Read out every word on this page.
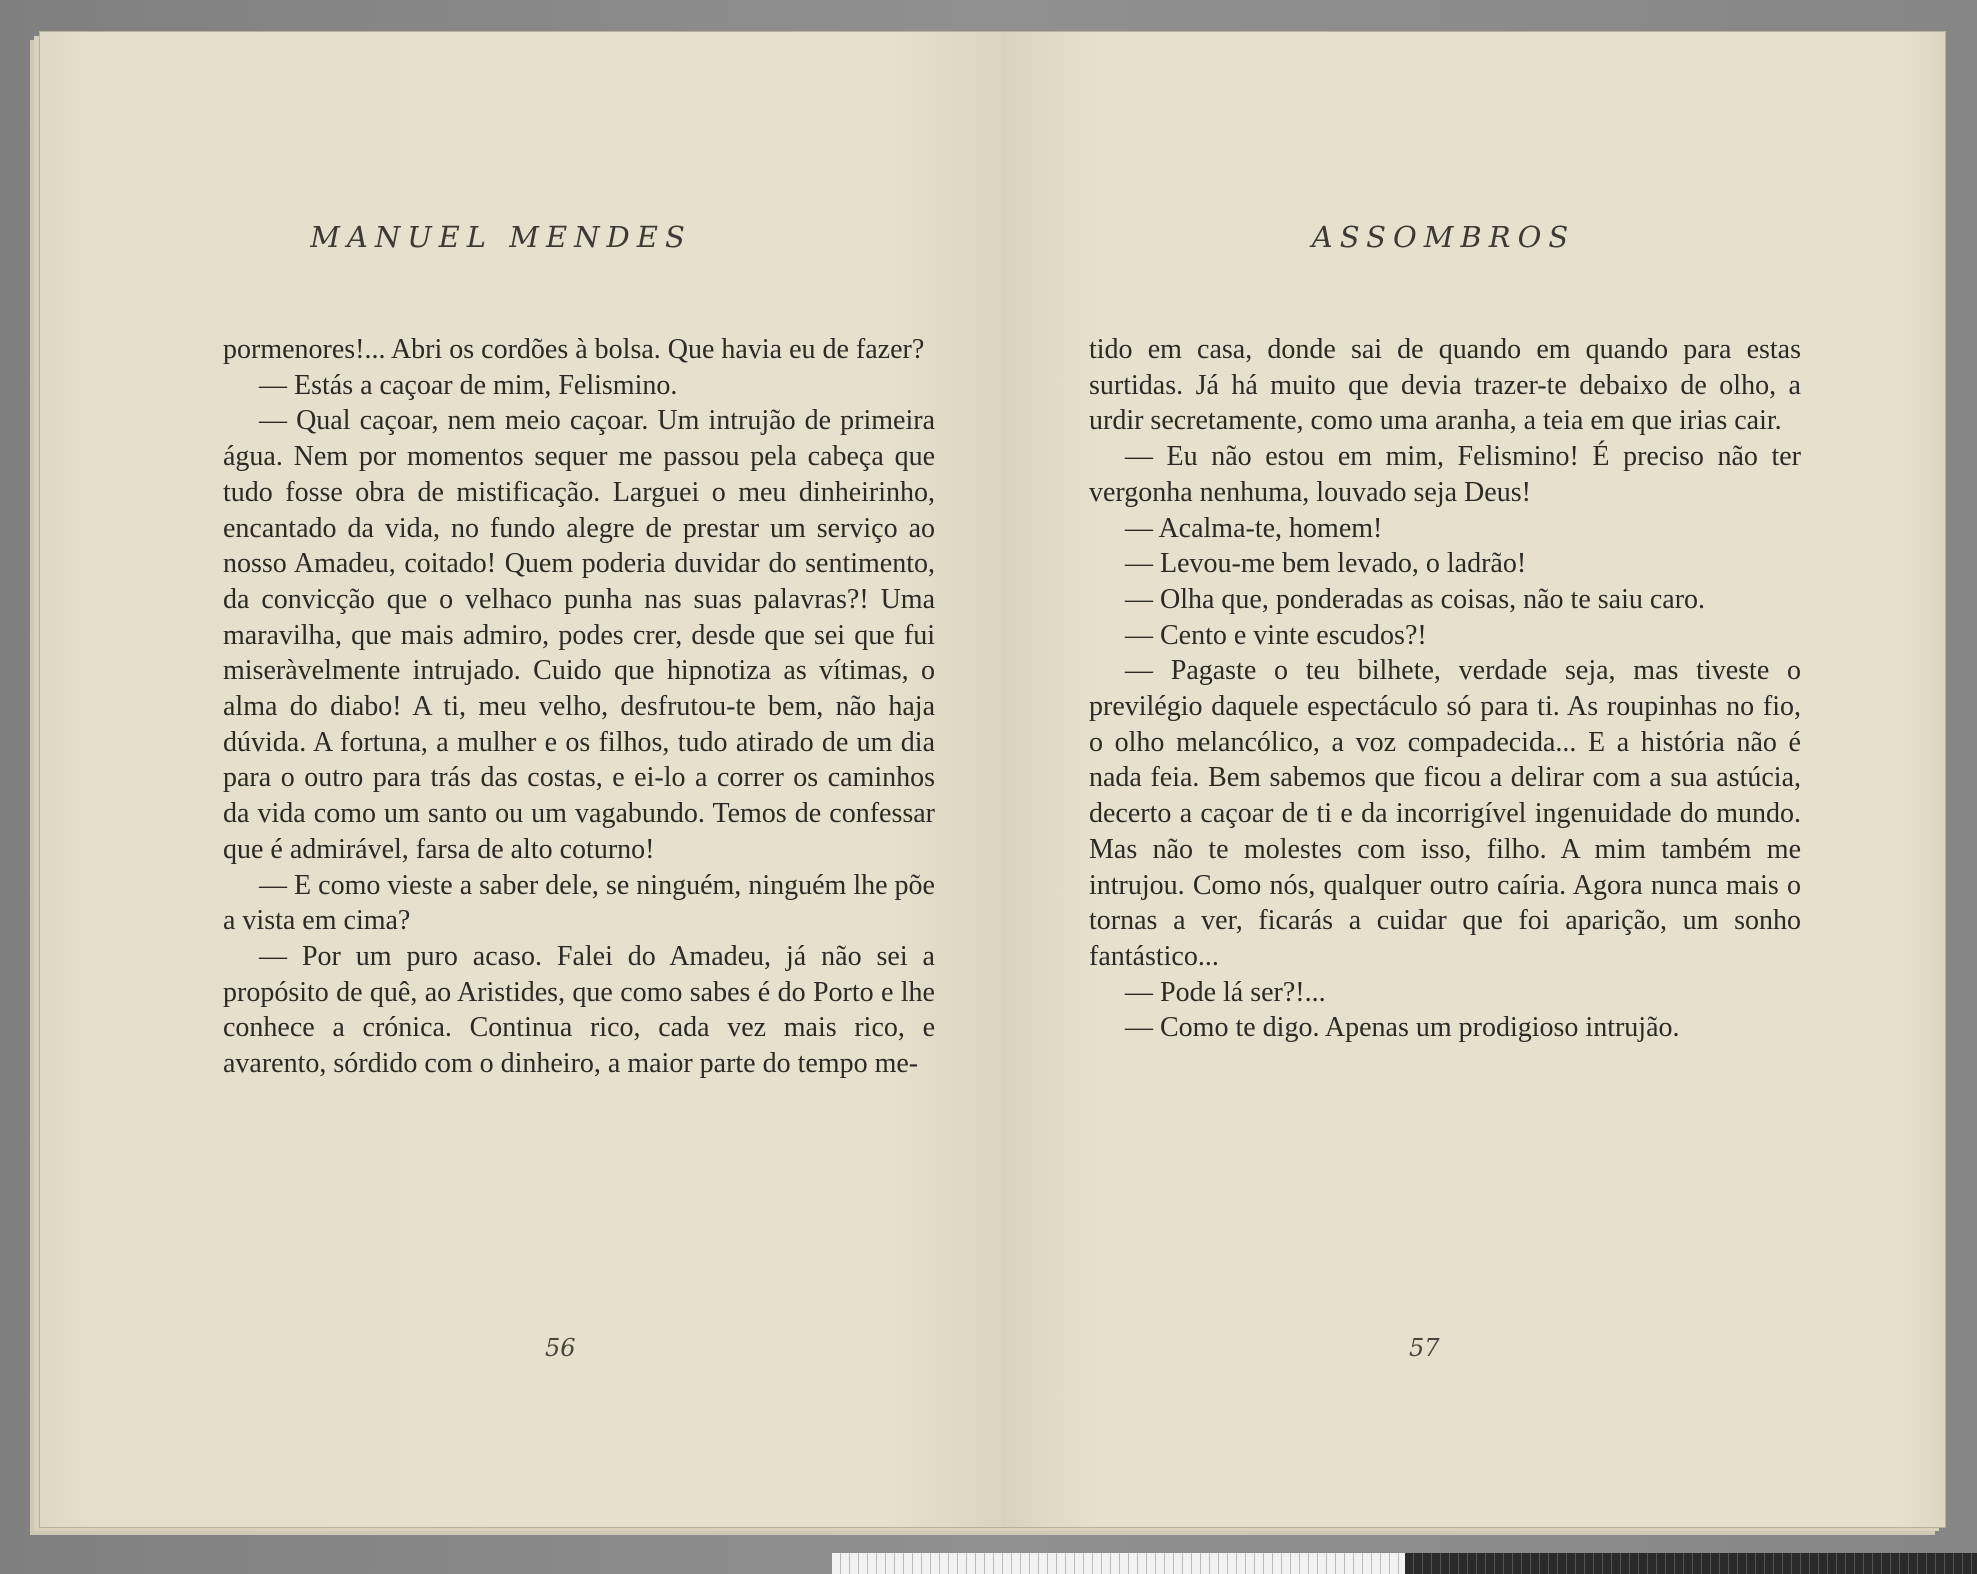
MANUEL MENDES

pormenores!... Abri os cordões à bolsa. Que havia eu de fazer?

— Estás a caçoar de mim, Felismino.

— Qual caçoar, nem meio caçoar. Um intrujão de primeira água. Nem por momentos sequer me passou pela cabeça que tudo fosse obra de mistificação. Larguei o meu dinheirinho, encantado da vida, no fundo alegre de prestar um serviço ao nosso Amadeu, coitado! Quem poderia duvidar do sentimento, da convicção que o velhaco punha nas suas palavras?! Uma maravilha, que mais admiro, podes crer, desde que sei que fui miseràvelmente intrujado. Cuido que hipnotiza as vítimas, o alma do diabo! A ti, meu velho, desfrutou-te bem, não haja dúvida. A fortuna, a mulher e os filhos, tudo atirado de um dia para o outro para trás das costas, e ei-lo a correr os caminhos da vida como um santo ou um vagabundo. Temos de confessar que é admirável, farsa de alto coturno!

— E como vieste a saber dele, se ninguém, ninguém lhe põe a vista em cima?

— Por um puro acaso. Falei do Amadeu, já não sei a propósito de quê, ao Aristides, que como sabes é do Porto e lhe conhece a crónica. Continua rico, cada vez mais rico, e avarento, sórdido com o dinheiro, a maior parte do tempo me-

56
ASSOMBROS

tido em casa, donde sai de quando em quando para estas surtidas. Já há muito que devia trazer-te debaixo de olho, a urdir secretamente, como uma aranha, a teia em que irias cair.

— Eu não estou em mim, Felismino! É preciso não ter vergonha nenhuma, louvado seja Deus!

— Acalma-te, homem!

— Levou-me bem levado, o ladrão!

— Olha que, ponderadas as coisas, não te saiu caro.

— Cento e vinte escudos?!

— Pagaste o teu bilhete, verdade seja, mas tiveste o previlégio daquele espectáculo só para ti. As roupinhas no fio, o olho melancólico, a voz compadecida... E a história não é nada feia. Bem sabemos que ficou a delirar com a sua astúcia, decerto a caçoar de ti e da incorrigível ingenuidade do mundo. Mas não te molestes com isso, filho. A mim também me intrujou. Como nós, qualquer outro caíria. Agora nunca mais o tornas a ver, ficarás a cuidar que foi aparição, um sonho fantástico...

— Pode lá ser?!...

— Como te digo. Apenas um prodigioso intrujão.

57
